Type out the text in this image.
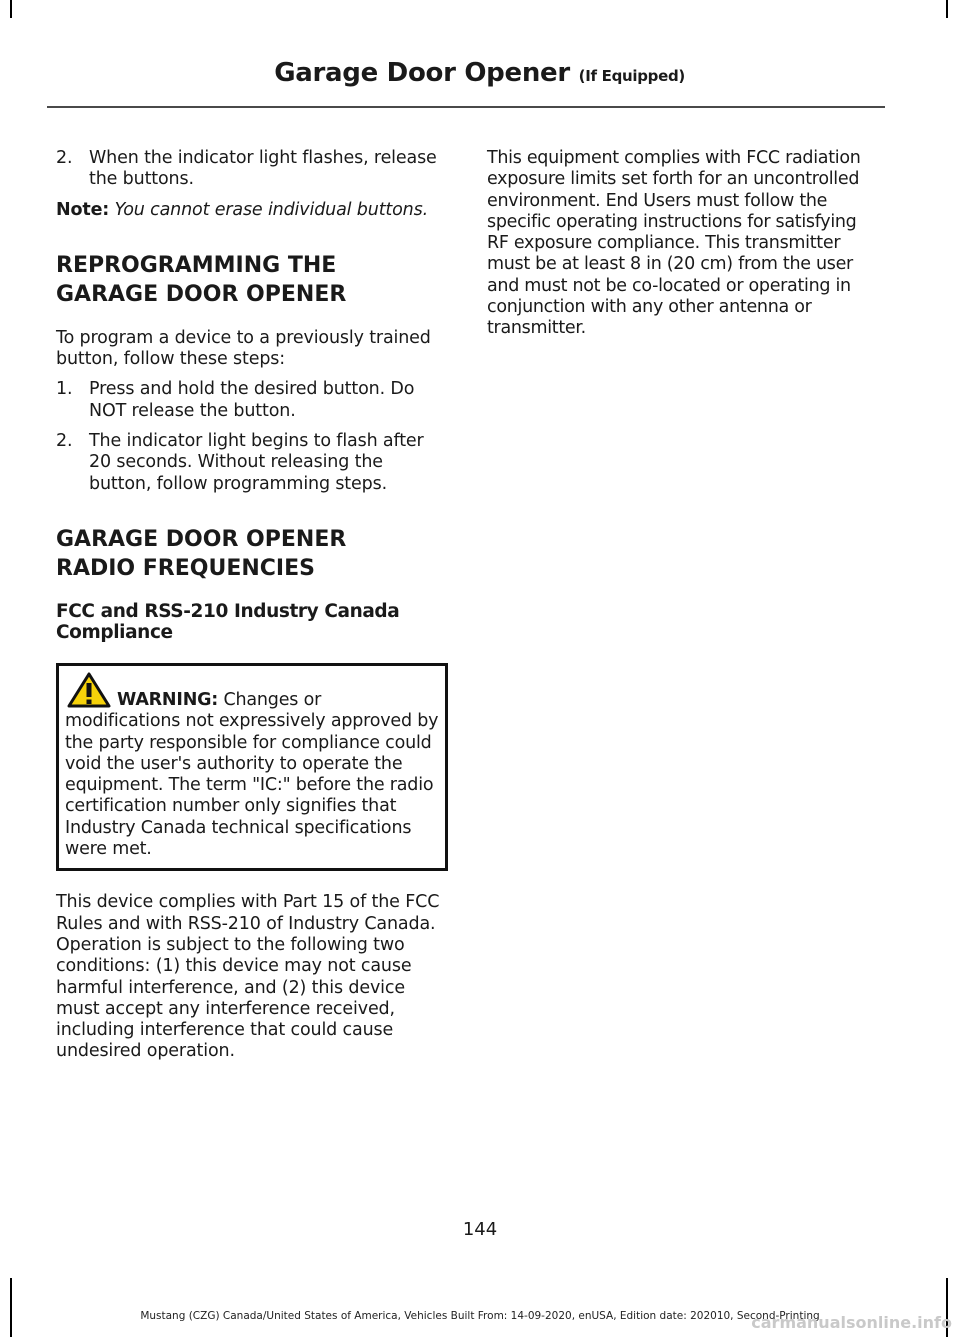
Garage Door Opener (If Equipped)
2. When the indicator light flashes, release the buttons.

Note: You cannot erase individual buttons.

REPROGRAMMING THE
GARAGE DOOR OPENER

To program a device to a previously trained button, follow these steps:

1. Press and hold the desired button. Do NOT release the button.
2. The indicator light begins to flash after 20 seconds. Without releasing the button, follow programming steps.
GARAGE DOOR OPENER
RADIO FREQUENCIES
FCC and RSS-210 Industry Canada Compliance
WARNING: Changes or modifications not expressively approved by the party responsible for compliance could void the user's authority to operate the equipment. The term "IC:" before the radio certification number only signifies that Industry Canada technical specifications were met.

This device complies with Part 15 of the FCC Rules and with RSS-210 of Industry Canada. Operation is subject to the following two conditions: (1) this device may not cause harmful interference, and (2) this device must accept any interference received, including interference that could cause undesired operation.

This equipment complies with FCC radiation exposure limits set forth for an uncontrolled environment. End Users must follow the specific operating instructions for satisfying RF exposure compliance. This transmitter must be at least 8 in (20 cm) from the user and must not be co-located or operating in conjunction with any other antenna or transmitter.

144
Mustang (CZG) Canada/United States of America, Vehicles Built From: 14-09-2020, enUSA, Edition date: 202010, Second-Printing
carmanualsonline.info
